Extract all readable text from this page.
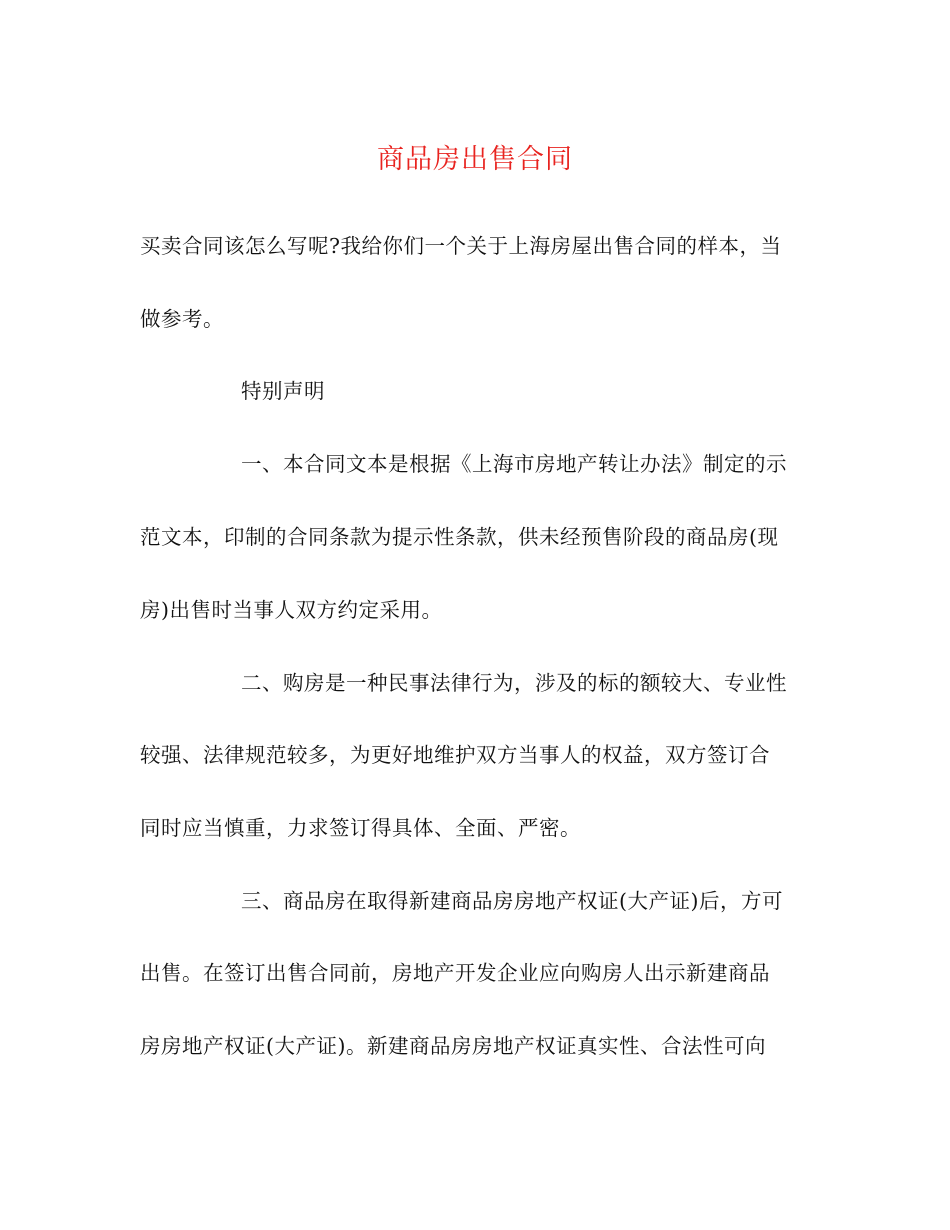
商品房出售合同
买卖合同该怎么写呢?我给你们一个关于上海房屋出售合同的样本，当
做参考。
特别声明
一、本合同文本是根据《上海市房地产转让办法》制定的示
范文本，印制的合同条款为提示性条款，供未经预售阶段的商品房(现
房)出售时当事人双方约定采用。
二、购房是一种民事法律行为，涉及的标的额较大、专业性
较强、法律规范较多，为更好地维护双方当事人的权益，双方签订合
同时应当慎重，力求签订得具体、全面、严密。
三、商品房在取得新建商品房房地产权证(大产证)后，方可
出售。在签订出售合同前，房地产开发企业应向购房人出示新建商品
房房地产权证(大产证)。新建商品房房地产权证真实性、合法性可向
